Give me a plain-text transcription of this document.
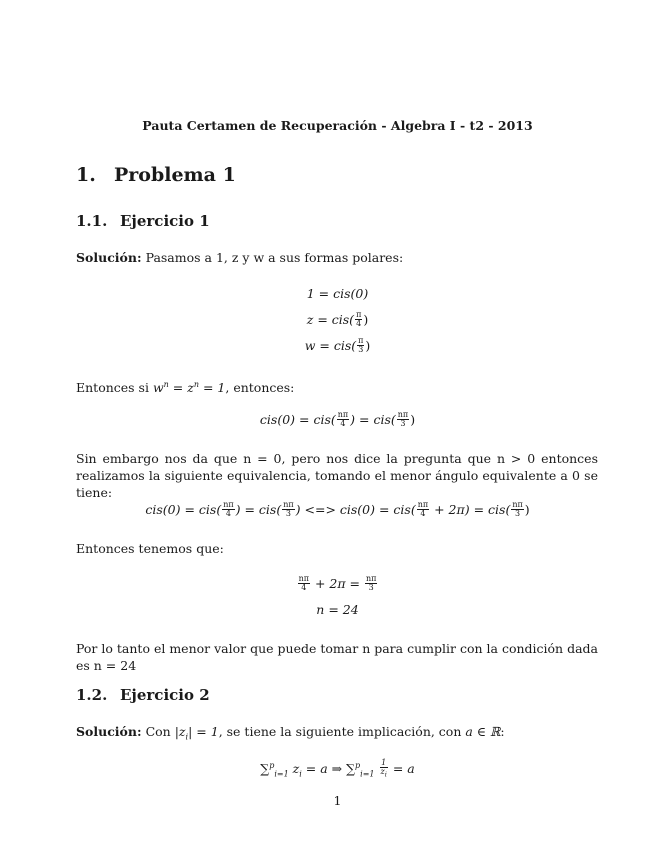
Pauta Certamen de Recuperación - Algebra I - t2 - 2013
1. Problema 1
1.1. Ejercicio 1
Solución: Pasamos a 1, z y w a sus formas polares:
1 = cis(0)
$z = cis( \frac{\pi}{4}$ )
$w = cis( \frac{\pi}{3}$ )
Entonces si $w^n = z^n = 1$, entonces:
$cis(0) = cis( \frac{n\pi}{4}$ ) = $cis( \frac{n\pi}{3}$ )
Sin embargo nos da que n = 0, pero nos dice la pregunta que n > 0 entonces realizamos la siguiente equivalencia, tomando el menor ángulo equivalente a 0 se tiene:
$cis(0) = cis( \frac{n\pi}{4}$ ) = $cis( \frac{n\pi}{3}$ ) <=> $cis(0) = cis( \frac{n\pi}{4} + 2\pi) = cis( \frac{n\pi}{3}$ )
Entonces tenemos que:
$\frac{n\pi}{4} + 2\pi = \frac{n\pi}{3}$
n = 24
Por lo tanto el menor valor que puede tomar n para cumplir con la condición dada es n = 24
1.2. Ejercicio 2
Solución: Con $|z_i| = 1$, se tiene la siguiente implicación, con a ∈ ℝ:
∑$^p_{i=1}$ $z_i = a$ ⇒ $\sum^p_{i=1} \frac{1}{z_i} = a$
1
